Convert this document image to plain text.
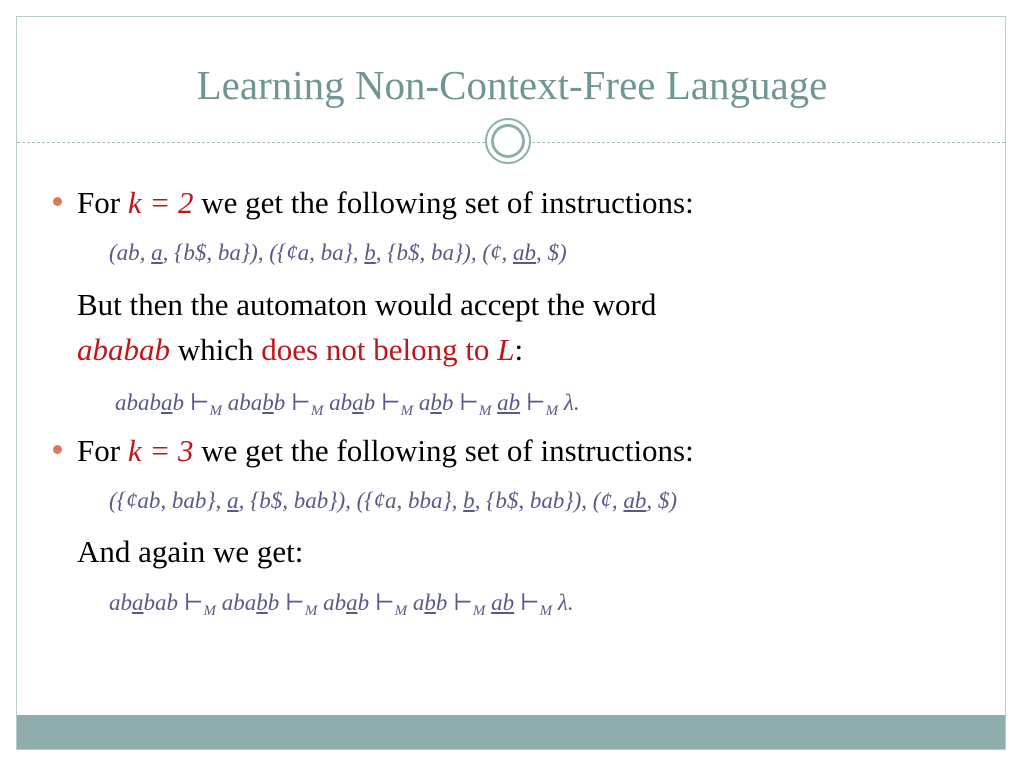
Learning Non-Context-Free Language
For k = 2 we get the following set of instructions:
(ab, a, {b$, ba}), ({¢a, ba}, b, {b$, ba}), (¢, ab, $)
But then the automaton would accept the word
ababab which does not belong to L:
ababab $⊢_M$ ababb $⊢_M$ abab $⊢_M$ abb $⊢_M$ ab $⊢_M$ λ.
For k = 3 we get the following set of instructions:
({¢ab, bab}, a, {b$, bab}), ({¢a, bba}, b, {b$, bab}), (¢, ab, $)
And again we get:
ababab $⊢_M$ ababb $⊢_M$ abab $⊢_M$ abb $⊢_M$ ab $⊢_M$ λ.
